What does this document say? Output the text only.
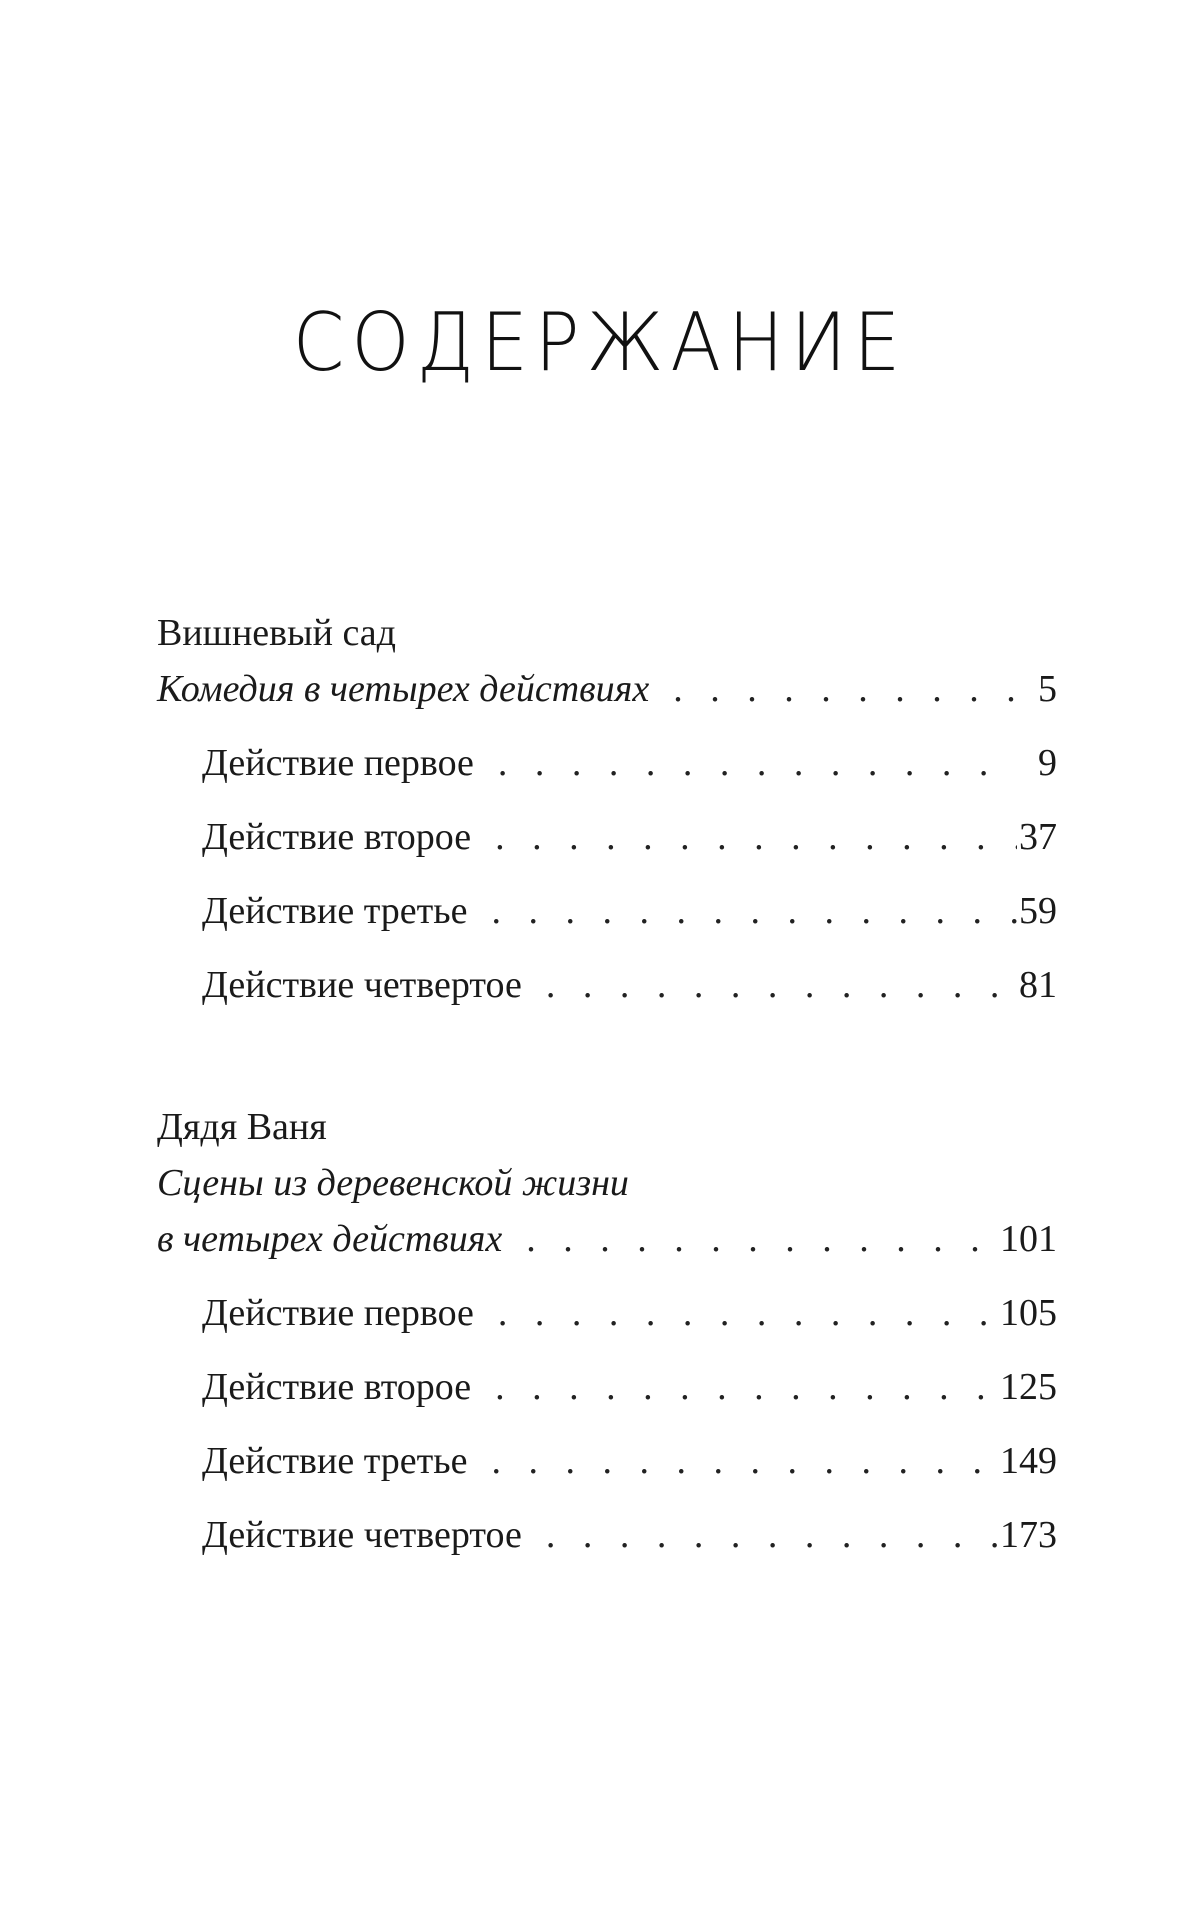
СОДЕРЖАНИЕ
Вишневый сад
Комедия в четырех действиях . . .	5
Действие первое . . .	9
Действие второе . . .	37
Действие третье . . .	59
Действие четвертое . . .	81
Дядя Ваня
Сцены из деревенской жизни
в четырех действиях . . .	101
Действие первое . . .	105
Действие второе . . .	125
Действие третье . . .	149
Действие четвертое . . .	173
